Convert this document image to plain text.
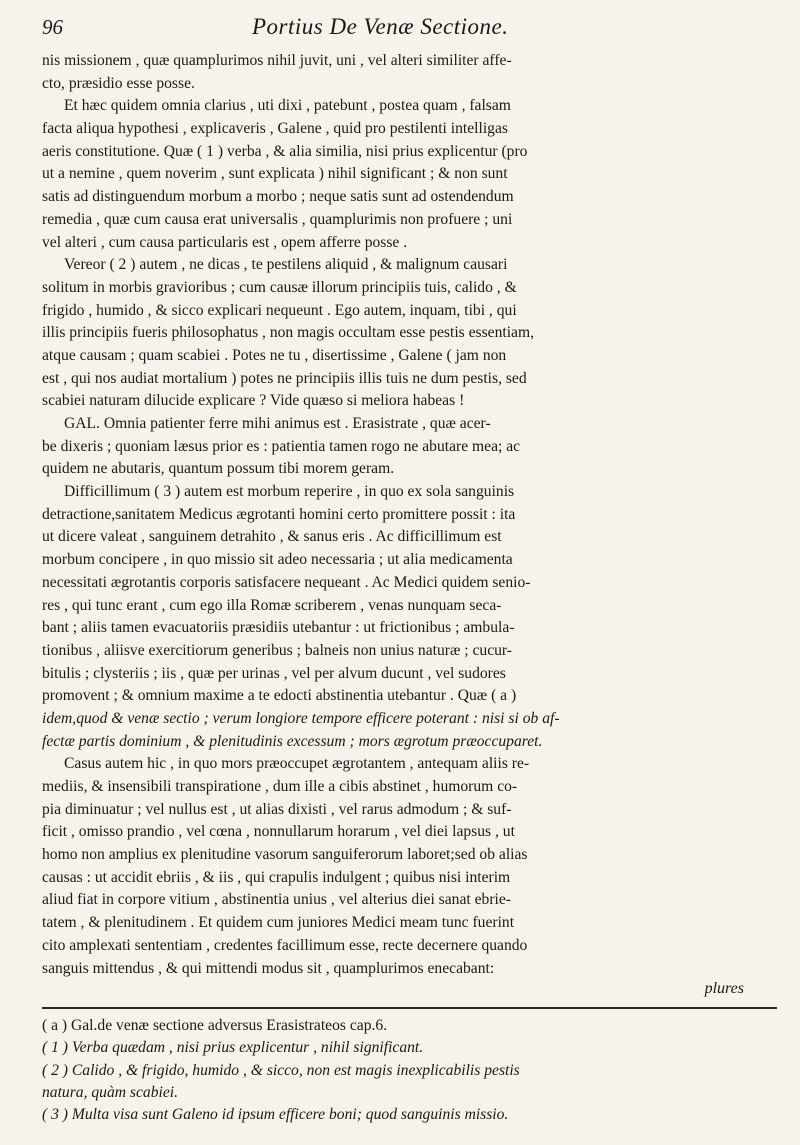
96	Portius De Venæ Sectione.
nis missionem , quæ quamplurimos nihil juvit, uni , vel alteri similiter affe-
cto, præsidio esse posse.
Et hæc quidem omnia clarius , uti dixi , patebunt , postea quam , falsam
facta aliqua hypothesi , explicaveris , Galene , quid pro pestilenti intelligas
aeris constitutione. Quæ ( 1 ) verba , & alia similia, nisi prius explicentur (pro
ut a nemine , quem noverim , sunt explicata ) nihil significant ; & non sunt
satis ad distinguendum morbum a morbo ; neque satis sunt ad ostendendum
remedia , quæ cum causa erat universalis , quamplurimis non profuere ; uni
vel alteri , cum causa particularis est , opem afferre posse .
Vereor ( 2 ) autem , ne dicas , te pestilens aliquid , & malignum causari
solitum in morbis gravioribus ; cum causæ illorum principiis tuis, calido , &
frigido , humido , & sicco explicari nequeunt . Ego autem, inquam, tibi , qui
illis principiis fueris philosophatus , non magis occultam esse pestis essentiam,
atque causam ; quam scabiei . Potes ne tu , disertissime , Galene ( jam non
est , qui nos audiat mortalium ) potes ne principiis illis tuis ne dum pestis, sed
scabiei naturam dilucide explicare ? Vide quæso si meliora habeas !
GAL. Omnia patienter ferre mihi animus est . Erasistrate , quæ acer-
be dixeris ; quoniam læsus prior es : patientia tamen rogo ne abutare mea; ac
quidem ne abutaris, quantum possum tibi morem geram.
Difficillimum ( 3 ) autem est morbum reperire , in quo ex sola sanguinis
detractione,sanitatem Medicus ægrotanti homini certo promittere possit : ita
ut dicere valeat , sanguinem detrahito , & sanus eris . Ac difficillimum est
morbum concipere , in quo missio sit adeo necessaria ; ut alia medicamenta
necessitati ægrotantis corporis satisfacere nequeant . Ac Medici quidem senio-
res , qui tunc erant , cum ego illa Romæ scriberem , venas nunquam seca-
bant ; aliis tamen evacuatoriis præsidiis utebantur : ut frictionibus ; ambula-
tionibus , aliisve exercitiorum generibus ; balneis non unius naturæ ; cucur-
bitulis ; clysteriis ; iis , quæ per urinas , vel per alvum ducunt , vel sudores
promovent ; & omnium maxime a te edocti abstinentia utebantur . Quæ ( a )
idem,quod & venæ sectio ; verum longiore tempore efficere poterant : nisi si ob af-
fectæ partis dominium , & plenitudinis excessum ; mors ægrotum præoccuparet.
Casus autem hic , in quo mors præoccupet ægrotantem , antequam aliis re-
mediis, & insensibili transpiratione , dum ille a cibis abstinet , humorum co-
pia diminuatur ; vel nullus est , ut alias dixisti , vel rarus admodum ; & suf-
ficit , omisso prandio , vel cœna , nonnullarum horarum , vel diei lapsus , ut
homo non amplius ex plenitudine vasorum sanguiferorum laboret;sed ob alias
causas : ut accidit ebriis , & iis , qui crapulis indulgent ; quibus nisi interim
aliud fiat in corpore vitium , abstinentia unius , vel alterius diei sanat ebrie-
tatem , & plenitudinem . Et quidem cum juniores Medici meam tunc fuerint
cito amplexati sententiam , credentes facillimum esse, recte decernere quando
sanguis mittendus , & qui mittendi modus sit , quamplurimos enecabant:
plures
( a ) Gal.de venæ sectione adversus Erasistrateos cap.6.
( 1 ) Verba quædam , nisi prius explicentur , nihil significant.
( 2 ) Calido , & frigido, humido , & sicco, non est magis inexplicabilis pestis
natura, quàm scabiei.
( 3 ) Multa visa sunt Galeno id ipsum efficere boni; quod sanguinis missio.
